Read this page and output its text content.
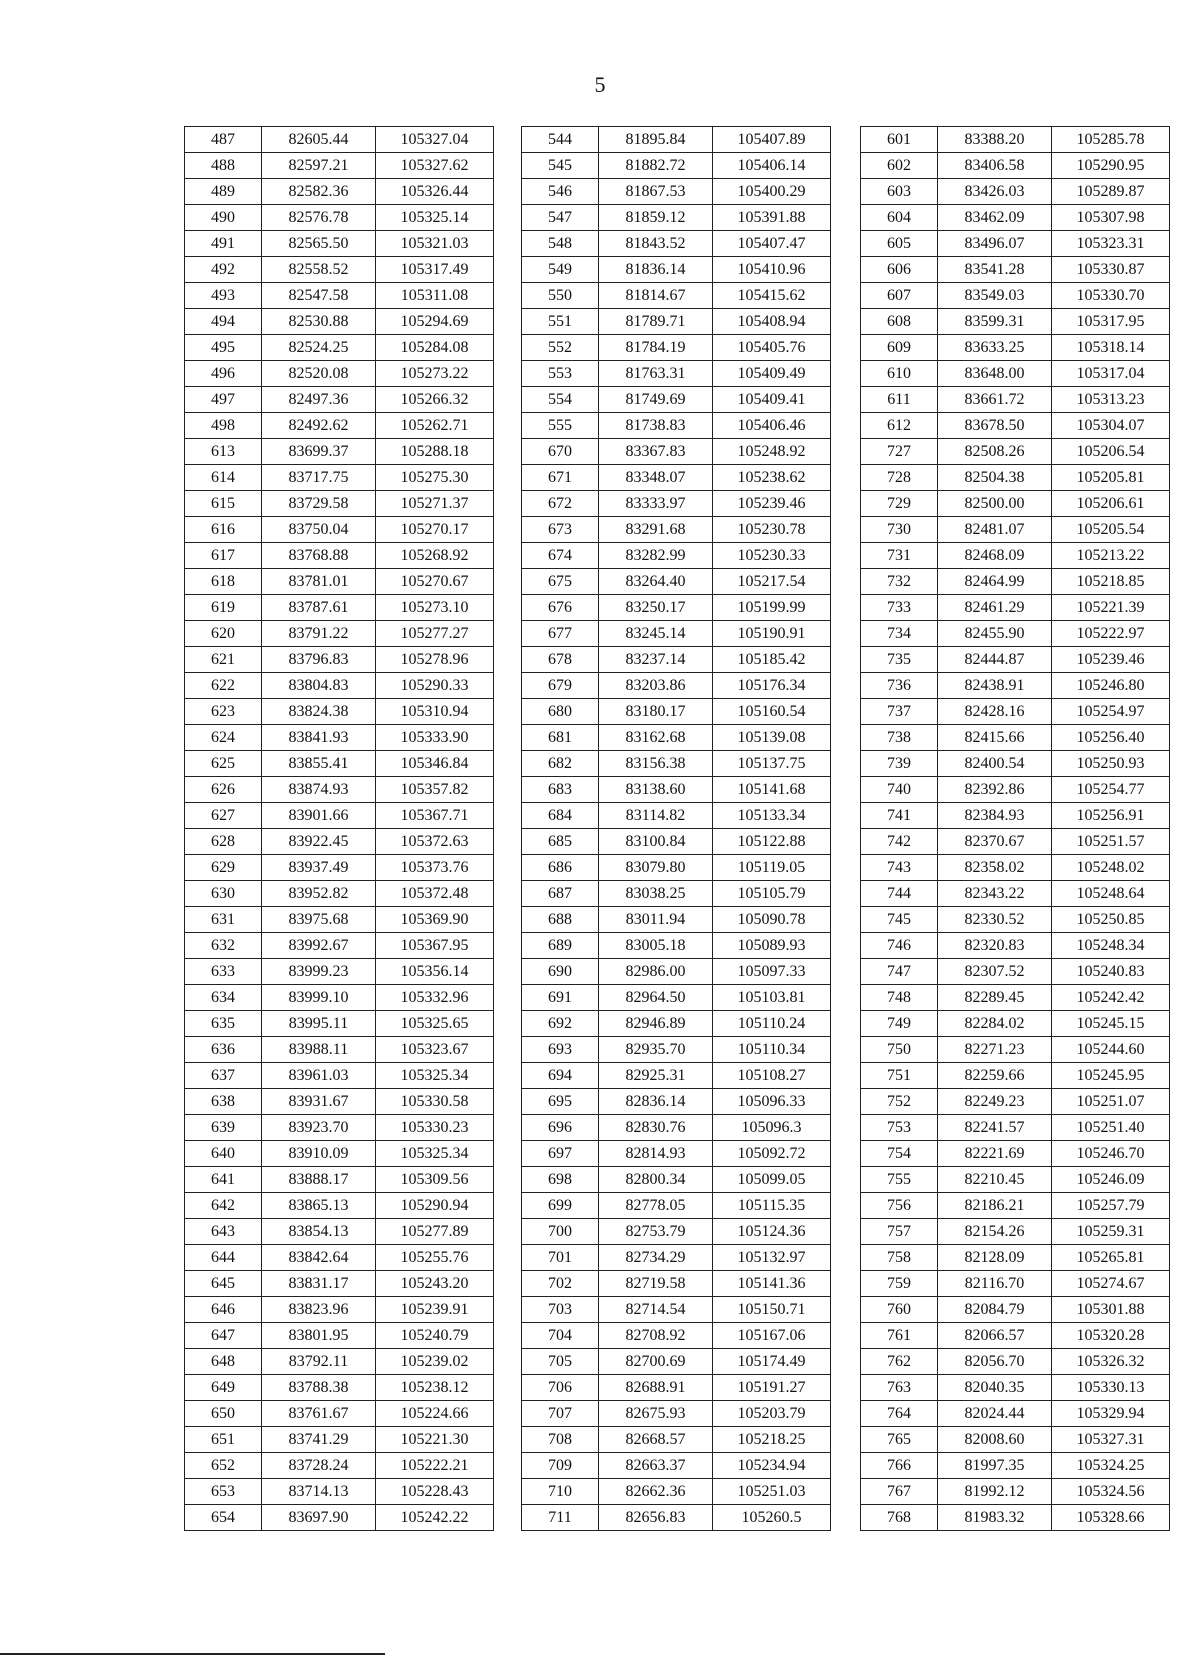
5
487	82605.44	105327.04
488	82597.21	105327.62
489	82582.36	105326.44
490	82576.78	105325.14
491	82565.50	105321.03
492	82558.52	105317.49
493	82547.58	105311.08
494	82530.88	105294.69
495	82524.25	105284.08
496	82520.08	105273.22
497	82497.36	105266.32
498	82492.62	105262.71
613	83699.37	105288.18
614	83717.75	105275.30
615	83729.58	105271.37
616	83750.04	105270.17
617	83768.88	105268.92
618	83781.01	105270.67
619	83787.61	105273.10
620	83791.22	105277.27
621	83796.83	105278.96
622	83804.83	105290.33
623	83824.38	105310.94
624	83841.93	105333.90
625	83855.41	105346.84
626	83874.93	105357.82
627	83901.66	105367.71
628	83922.45	105372.63
629	83937.49	105373.76
630	83952.82	105372.48
631	83975.68	105369.90
632	83992.67	105367.95
633	83999.23	105356.14
634	83999.10	105332.96
635	83995.11	105325.65
636	83988.11	105323.67
637	83961.03	105325.34
638	83931.67	105330.58
639	83923.70	105330.23
640	83910.09	105325.34
641	83888.17	105309.56
642	83865.13	105290.94
643	83854.13	105277.89
644	83842.64	105255.76
645	83831.17	105243.20
646	83823.96	105239.91
647	83801.95	105240.79
648	83792.11	105239.02
649	83788.38	105238.12
650	83761.67	105224.66
651	83741.29	105221.30
652	83728.24	105222.21
653	83714.13	105228.43
654	83697.90	105242.22
544	81895.84	105407.89
545	81882.72	105406.14
546	81867.53	105400.29
547	81859.12	105391.88
548	81843.52	105407.47
549	81836.14	105410.96
550	81814.67	105415.62
551	81789.71	105408.94
552	81784.19	105405.76
553	81763.31	105409.49
554	81749.69	105409.41
555	81738.83	105406.46
670	83367.83	105248.92
671	83348.07	105238.62
672	83333.97	105239.46
673	83291.68	105230.78
674	83282.99	105230.33
675	83264.40	105217.54
676	83250.17	105199.99
677	83245.14	105190.91
678	83237.14	105185.42
679	83203.86	105176.34
680	83180.17	105160.54
681	83162.68	105139.08
682	83156.38	105137.75
683	83138.60	105141.68
684	83114.82	105133.34
685	83100.84	105122.88
686	83079.80	105119.05
687	83038.25	105105.79
688	83011.94	105090.78
689	83005.18	105089.93
690	82986.00	105097.33
691	82964.50	105103.81
692	82946.89	105110.24
693	82935.70	105110.34
694	82925.31	105108.27
695	82836.14	105096.33
696	82830.76	105096.3
697	82814.93	105092.72
698	82800.34	105099.05
699	82778.05	105115.35
700	82753.79	105124.36
701	82734.29	105132.97
702	82719.58	105141.36
703	82714.54	105150.71
704	82708.92	105167.06
705	82700.69	105174.49
706	82688.91	105191.27
707	82675.93	105203.79
708	82668.57	105218.25
709	82663.37	105234.94
710	82662.36	105251.03
711	82656.83	105260.5
601	83388.20	105285.78
602	83406.58	105290.95
603	83426.03	105289.87
604	83462.09	105307.98
605	83496.07	105323.31
606	83541.28	105330.87
607	83549.03	105330.70
608	83599.31	105317.95
609	83633.25	105318.14
610	83648.00	105317.04
611	83661.72	105313.23
612	83678.50	105304.07
727	82508.26	105206.54
728	82504.38	105205.81
729	82500.00	105206.61
730	82481.07	105205.54
731	82468.09	105213.22
732	82464.99	105218.85
733	82461.29	105221.39
734	82455.90	105222.97
735	82444.87	105239.46
736	82438.91	105246.80
737	82428.16	105254.97
738	82415.66	105256.40
739	82400.54	105250.93
740	82392.86	105254.77
741	82384.93	105256.91
742	82370.67	105251.57
743	82358.02	105248.02
744	82343.22	105248.64
745	82330.52	105250.85
746	82320.83	105248.34
747	82307.52	105240.83
748	82289.45	105242.42
749	82284.02	105245.15
750	82271.23	105244.60
751	82259.66	105245.95
752	82249.23	105251.07
753	82241.57	105251.40
754	82221.69	105246.70
755	82210.45	105246.09
756	82186.21	105257.79
757	82154.26	105259.31
758	82128.09	105265.81
759	82116.70	105274.67
760	82084.79	105301.88
761	82066.57	105320.28
762	82056.70	105326.32
763	82040.35	105330.13
764	82024.44	105329.94
765	82008.60	105327.31
766	81997.35	105324.25
767	81992.12	105324.56
768	81983.32	105328.66
